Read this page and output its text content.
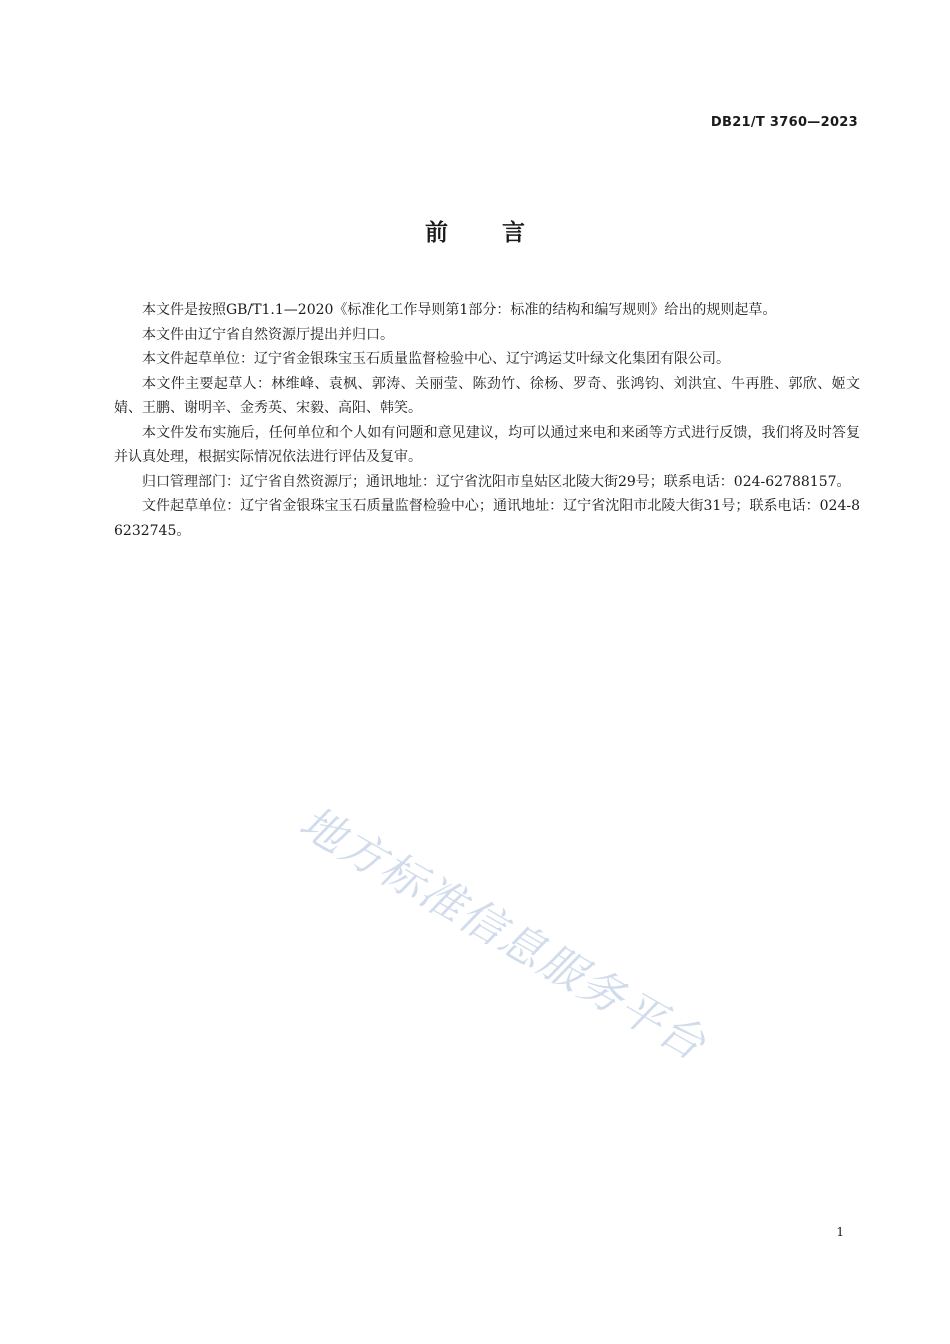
DB21/T 3760—2023
前言

本文件是按照GB/T1.1—2020《标准化工作导则第1部分：标准的结构和编写规则》给出的规则起草。

本文件由辽宁省自然资源厅提出并归口。

本文件起草单位：辽宁省金银珠宝玉石质量监督检验中心、辽宁鸿运艾叶绿文化集团有限公司。

本文件主要起草人：林维峰、袁枫、郭涛、关丽莹、陈劲竹、徐杨、罗奇、张鸿钧、刘洪宜、牛再胜、郭欣、姬文婧、王鹏、谢明辛、金秀英、宋毅、高阳、韩笑。

本文件发布实施后，任何单位和个人如有问题和意见建议，均可以通过来电和来函等方式进行反馈，我们将及时答复并认真处理，根据实际情况依法进行评估及复审。

归口管理部门：辽宁省自然资源厅；通讯地址：辽宁省沈阳市皇姑区北陵大街29号；联系电话：024-62788157。

文件起草单位：辽宁省金银珠宝玉石质量监督检验中心；通讯地址：辽宁省沈阳市北陵大街31号；联系电话：024-86232745。

地方标准信息服务平台
1
